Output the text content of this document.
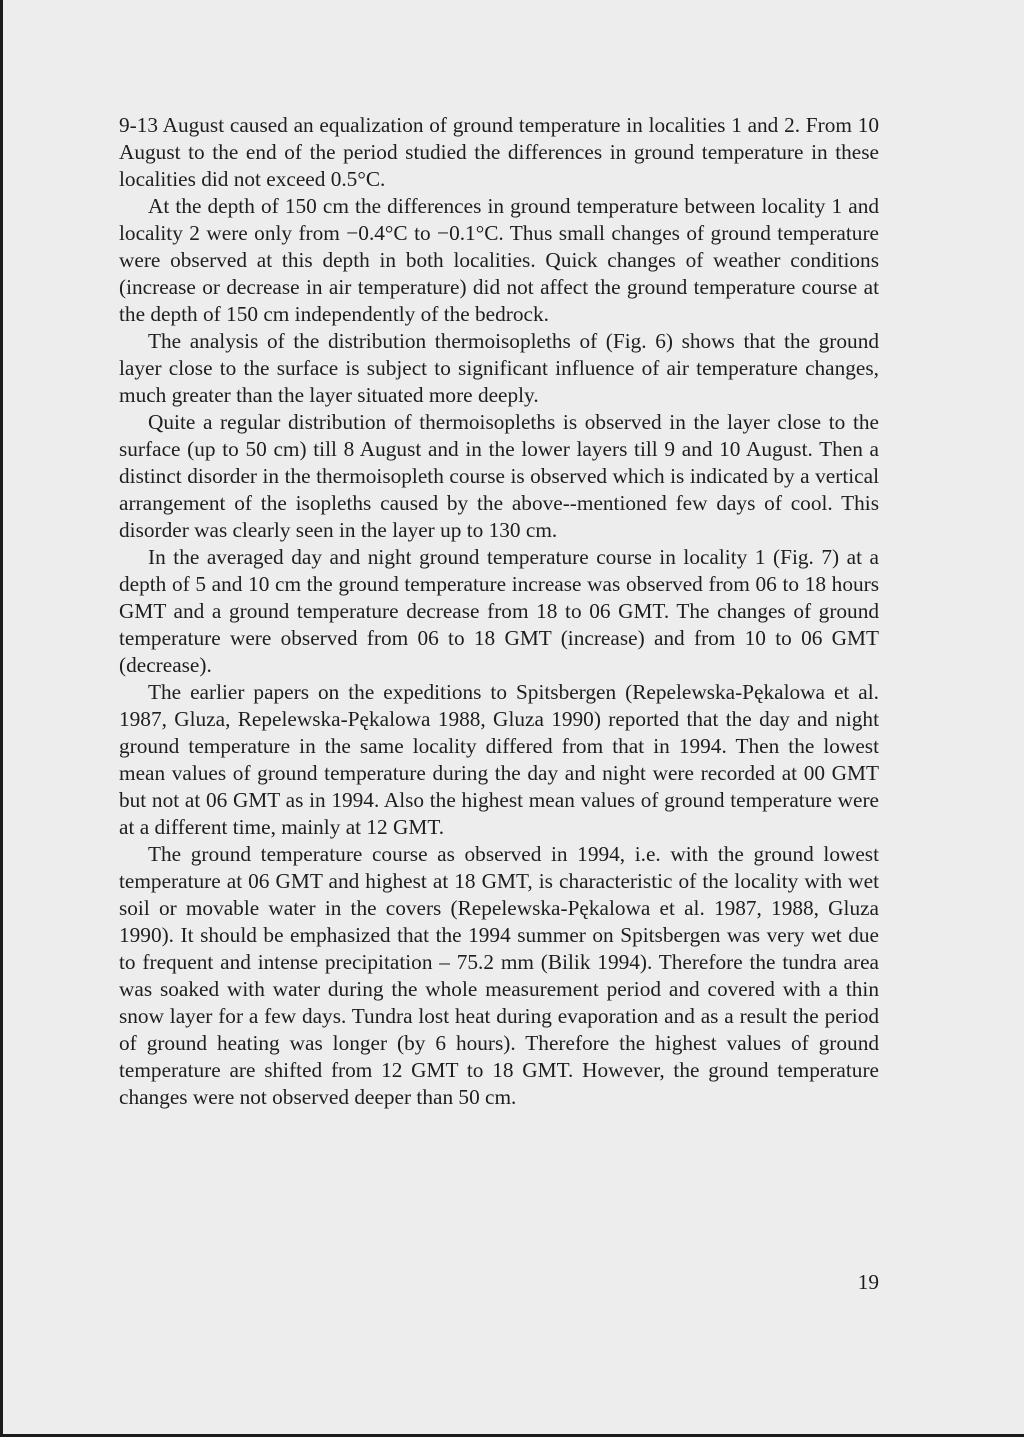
9-13 August caused an equalization of ground temperature in localities 1 and 2. From 10 August to the end of the period studied the differences in ground temperature in these localities did not exceed 0.5°C.

At the depth of 150 cm the differences in ground temperature between locality 1 and locality 2 were only from −0.4°C to −0.1°C. Thus small changes of ground temperature were observed at this depth in both localities. Quick changes of weather conditions (increase or decrease in air temperature) did not affect the ground temperature course at the depth of 150 cm independently of the bedrock.

The analysis of the distribution thermoisopleths of (Fig. 6) shows that the ground layer close to the surface is subject to significant influence of air temperature changes, much greater than the layer situated more deeply.

Quite a regular distribution of thermoisopleths is observed in the layer close to the surface (up to 50 cm) till 8 August and in the lower layers till 9 and 10 August. Then a distinct disorder in the thermoisopleth course is observed which is indicated by a vertical arrangement of the isopleths caused by the above--mentioned few days of cool. This disorder was clearly seen in the layer up to 130 cm.

In the averaged day and night ground temperature course in locality 1 (Fig. 7) at a depth of 5 and 10 cm the ground temperature increase was observed from 06 to 18 hours GMT and a ground temperature decrease from 18 to 06 GMT. The changes of ground temperature were observed from 06 to 18 GMT (increase) and from 10 to 06 GMT (decrease).

The earlier papers on the expeditions to Spitsbergen (Repelewska-Pękalowa et al. 1987, Gluza, Repelewska-Pękalowa 1988, Gluza 1990) reported that the day and night ground temperature in the same locality differed from that in 1994. Then the lowest mean values of ground temperature during the day and night were recorded at 00 GMT but not at 06 GMT as in 1994. Also the highest mean values of ground temperature were at a different time, mainly at 12 GMT.

The ground temperature course as observed in 1994, i.e. with the ground lowest temperature at 06 GMT and highest at 18 GMT, is characteristic of the locality with wet soil or movable water in the covers (Repelewska-Pękalowa et al. 1987, 1988, Gluza 1990). It should be emphasized that the 1994 summer on Spitsbergen was very wet due to frequent and intense precipitation – 75.2 mm (Bilik 1994). Therefore the tundra area was soaked with water during the whole measurement period and covered with a thin snow layer for a few days. Tundra lost heat during evaporation and as a result the period of ground heating was longer (by 6 hours). Therefore the highest values of ground temperature are shifted from 12 GMT to 18 GMT. However, the ground temperature changes were not observed deeper than 50 cm.

19
